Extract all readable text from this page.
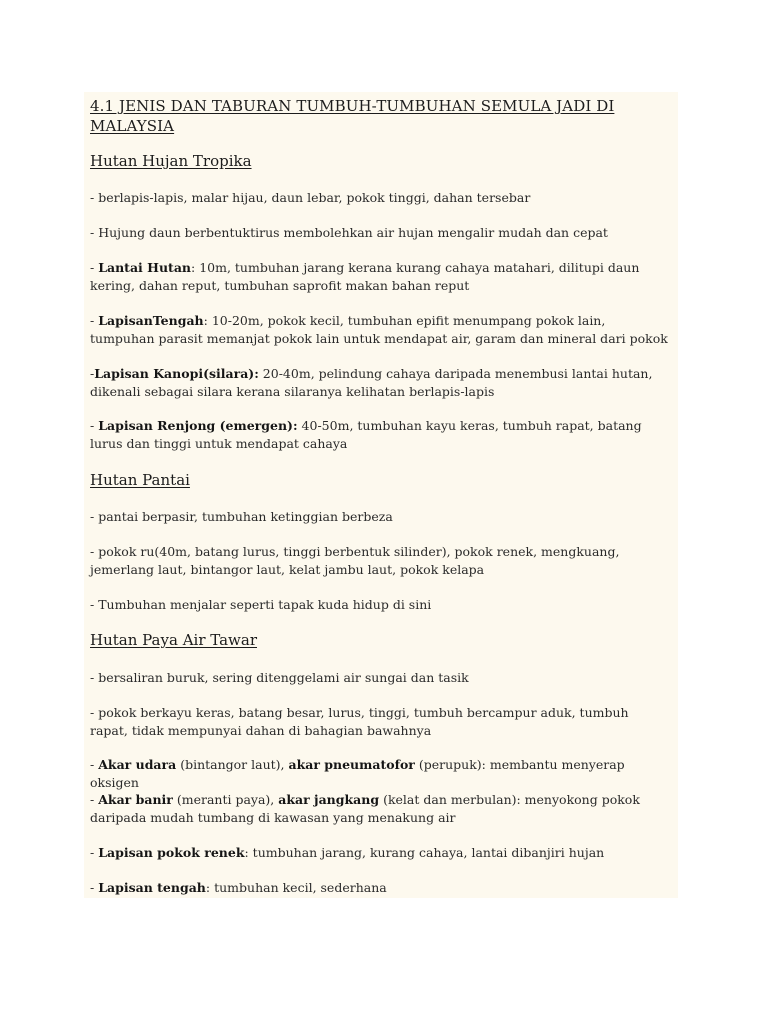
4.1 JENIS DAN TABURAN TUMBUH-TUMBUHAN SEMULA JADI DI MALAYSIA
Hutan Hujan Tropika

- berlapis-lapis, malar hijau, daun lebar, pokok tinggi, dahan tersebar

- Hujung daun berbentuktirus membolehkan air hujan mengalir mudah dan cepat

- Lantai Hutan: 10m, tumbuhan jarang kerana kurang cahaya matahari, dilitupi daun kering, dahan reput, tumbuhan saprofit makan bahan reput

- LapisanTengah: 10-20m, pokok kecil, tumbuhan epifit menumpang pokok lain, tumpuhan parasit memanjat pokok lain untuk mendapat air, garam dan mineral dari pokok

-Lapisan Kanopi(silara): 20-40m, pelindung cahaya daripada menembusi lantai hutan, dikenali sebagai silara kerana silaranya kelihatan berlapis-lapis

- Lapisan Renjong (emergen): 40-50m, tumbuhan kayu keras, tumbuh rapat, batang lurus dan tinggi untuk mendapat cahaya

Hutan Pantai

- pantai berpasir, tumbuhan ketinggian berbeza

- pokok ru(40m, batang lurus, tinggi berbentuk silinder), pokok renek, mengkuang, jemerlang laut, bintangor laut, kelat jambu laut, pokok kelapa

- Tumbuhan menjalar seperti tapak kuda hidup di sini

Hutan Paya Air Tawar

- bersaliran buruk, sering ditenggelami air sungai dan tasik

- pokok berkayu keras, batang besar, lurus, tinggi, tumbuh bercampur aduk, tumbuh rapat, tidak mempunyai dahan di bahagian bawahnya

- Akar udara (bintangor laut), akar pneumatofor (perupuk): membantu menyerap oksigen

- Akar banir (meranti paya), akar jangkang (kelat dan merbulan): menyokong pokok daripada mudah tumbang di kawasan yang menakung air

- Lapisan pokok renek: tumbuhan jarang, kurang cahaya, lantai dibanjiri hujan

- Lapisan tengah: tumbuhan kecil, sederhana
